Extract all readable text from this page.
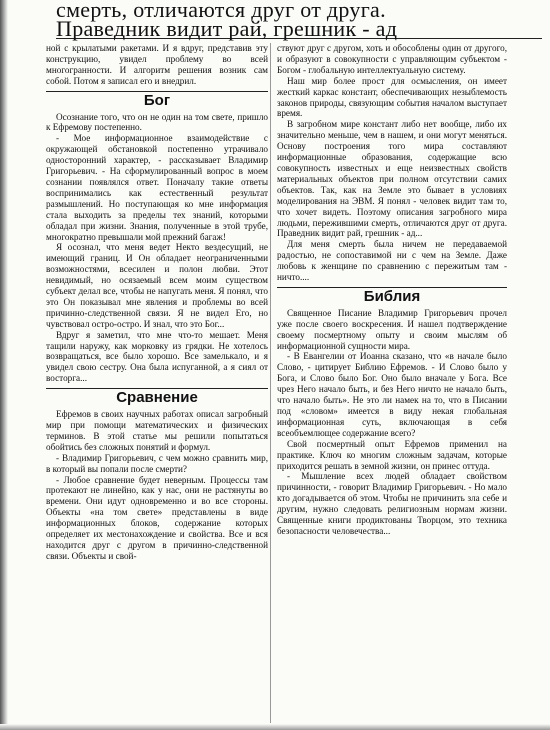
смерть, отличаются друг от друга.
Праведник видит рай, грешник - ад

ной с крылатыми ракетами. И я вдруг, представив эту конструкцию, увидел проблему во всей многогранности. И алгоритм решения возник сам собой. Потом я записал его и внедрил.

Бог

Осознание того, что он не один на том свете, пришло к Ефремову постепенно.

- Мое информационное взаимодействие с окружающей обстановкой постепенно утрачивало односторонний характер, - рассказывает Владимир Григорьевич. - На сформулированный вопрос в моем сознании появлялся ответ. Поначалу такие ответы воспринимались как естественный результат размышлений. Но поступающая ко мне информация стала выходить за пределы тех знаний, которыми обладал при жизни. Знания, полученные в этой трубе, многократно превышали мой прежний багаж!

Я осознал, что меня ведет Некто вездесущий, не имеющий границ. И Он обладает неограниченными возможностями, всесилен и полон любви. Этот невидимый, но осязаемый всем моим существом субъект делал все, чтобы не напугать меня. Я понял, что это Он показывал мне явления и проблемы во всей причинно-следственной связи. Я не видел Его, но чувствовал остро-остро. И знал, что это Бог...

Вдруг я заметил, что мне что-то мешает. Меня тащили наружу, как морковку из грядки. Не хотелось возвращаться, все было хорошо. Все замелькало, и я увидел свою сестру. Она была испуганной, а я сиял от восторга...

Сравнение

Ефремов в своих научных работах описал загробный мир при помощи математических и физических терминов. В этой статье мы решили попытаться обойтись без сложных понятий и формул.

- Владимир Григорьевич, с чем можно сравнить мир, в который вы попали после смерти?

- Любое сравнение будет неверным. Процессы там протекают не линейно, как у нас, они не растянуты во времени. Они идут одновременно и во все стороны. Объекты «на том свете» представлены в виде информационных блоков, содержание которых определяет их местонахождение и свойства. Все и вся находится друг с другом в причинно-следственной связи. Объекты и свой-

ствуют друг с другом, хоть и обособлены один от другого, и образуют в совокупности с управляющим субъектом - Богом - глобальную интеллектуальную систему.

Наш мир более прост для осмысления, он имеет жесткий каркас констант, обеспечивающих незыблемость законов природы, связующим события началом выступает время.

В загробном мире констант либо нет вообще, либо их значительно меньше, чем в нашем, и они могут меняться. Основу построения того мира составляют информационные образования, содержащие всю совокупность известных и еще неизвестных свойств материальных объектов при полном отсутствии самих объектов. Так, как на Земле это бывает в условиях моделирования на ЭВМ. Я понял - человек видит там то, что хочет видеть. Поэтому описания загробного мира людьми, пережившими смерть, отличаются друг от друга. Праведник видит рай, грешник - ад...

Для меня смерть была ничем не передаваемой радостью, не сопоставимой ни с чем на Земле. Даже любовь к женщине по сравнению с пережитым там - ничто....

Библия

Священное Писание Владимир Григорьевич прочел уже после своего воскресения. И нашел подтверждение своему посмертному опыту и своим мыслям об информационной сущности мира.

- В Евангелии от Иоанна сказано, что «в начале было Слово, - цитирует Библию Ефремов. - И Слово было у Бога, и Слово было Бог. Оно было вначале у Бога. Все чрез Него начало быть, и без Него ничто не начало быть, что начало быть». Не это ли намек на то, что в Писании под «словом» имеется в виду некая глобальная информационная суть, включающая в себя всеобъемлющее содержание всего?

Свой посмертный опыт Ефремов применил на практике. Ключ ко многим сложным задачам, которые приходится решать в земной жизни, он принес оттуда.

- Мышление всех людей обладает свойством причинности, - говорит Владимир Григорьевич. - Но мало кто догадывается об этом. Чтобы не причинить зла себе и другим, нужно следовать религиозным нормам жизни. Священные книги продиктованы Творцом, это техника безопасности человечества...
